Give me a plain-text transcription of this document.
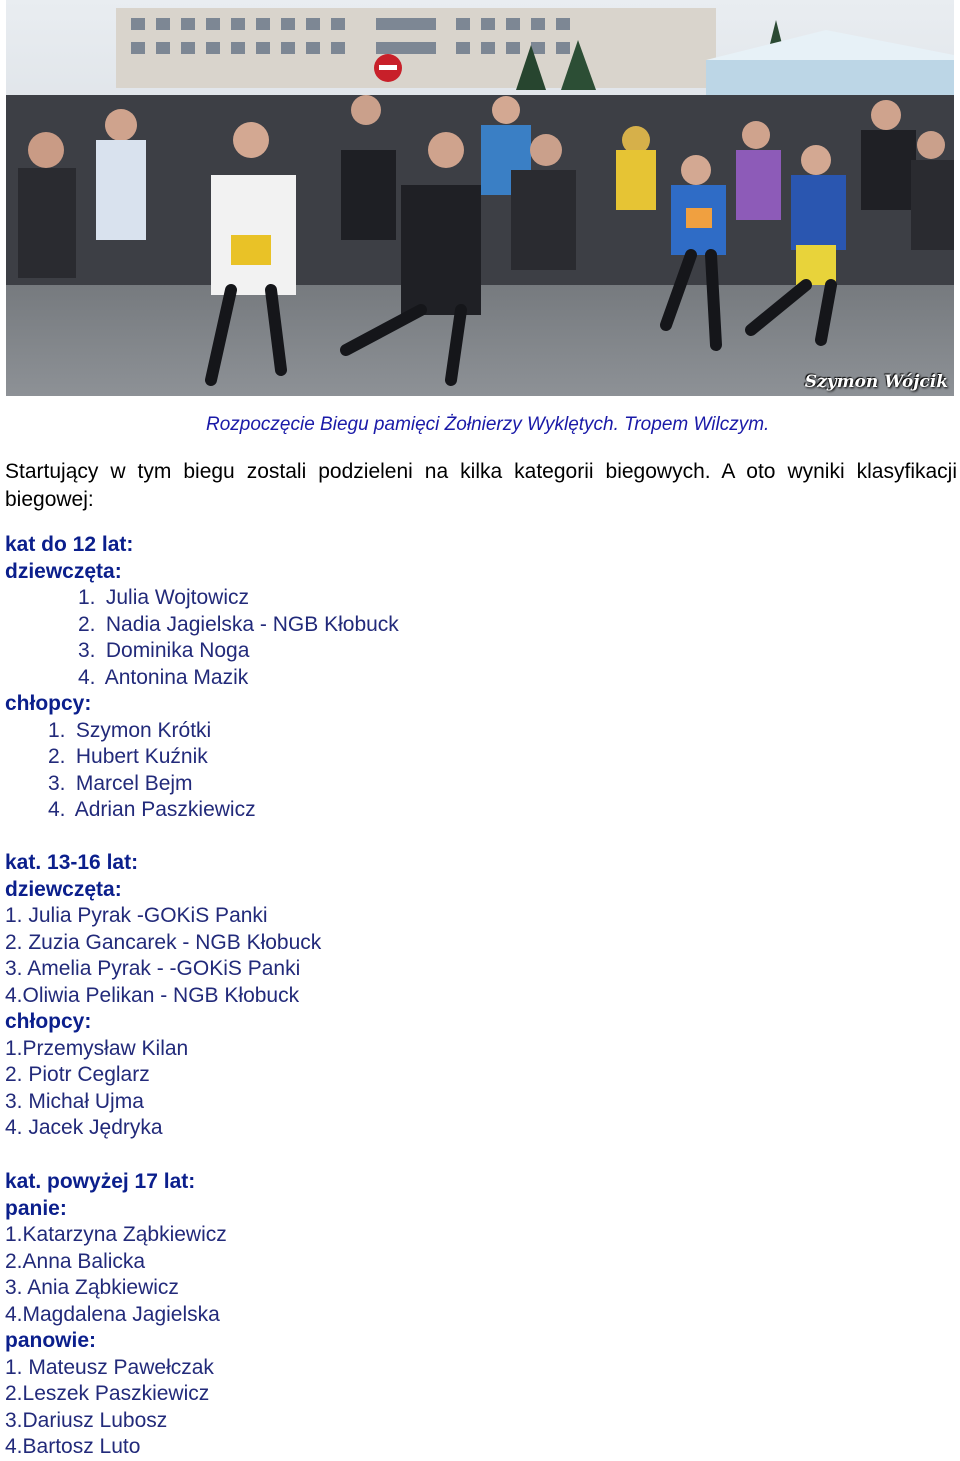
Szymon Wójcik
Rozpoczęcie Biegu pamięci Żołnierzy Wyklętych. Tropem Wilczym.
Startujący w tym biegu zostali podzieleni na kilka kategorii biegowych. A oto wyniki klasyfikacji biegowej:

kat do 12 lat:

dziewczęta:

1. Julia Wojtowicz

2. Nadia Jagielska - NGB Kłobuck

3. Dominika Noga

4. Antonina Mazik

chłopcy:

1. Szymon Krótki

2. Hubert Kuźnik

3. Marcel Bejm

4. Adrian Paszkiewicz

kat. 13-16 lat:

dziewczęta:

1. Julia Pyrak -GOKiS Panki

2. Zuzia Gancarek - NGB Kłobuck

3. Amelia Pyrak - -GOKiS Panki

4.Oliwia Pelikan - NGB Kłobuck

chłopcy:

1.Przemysław Kilan

2. Piotr Ceglarz

3. Michał Ujma

4. Jacek Jędryka

kat. powyżej 17 lat:

panie:

1.Katarzyna Ząbkiewicz

2.Anna Balicka

3. Ania Ząbkiewicz

4.Magdalena Jagielska

panowie:

1. Mateusz Pawełczak

2.Leszek Paszkiewicz

3.Dariusz Lubosz

4.Bartosz Luto
